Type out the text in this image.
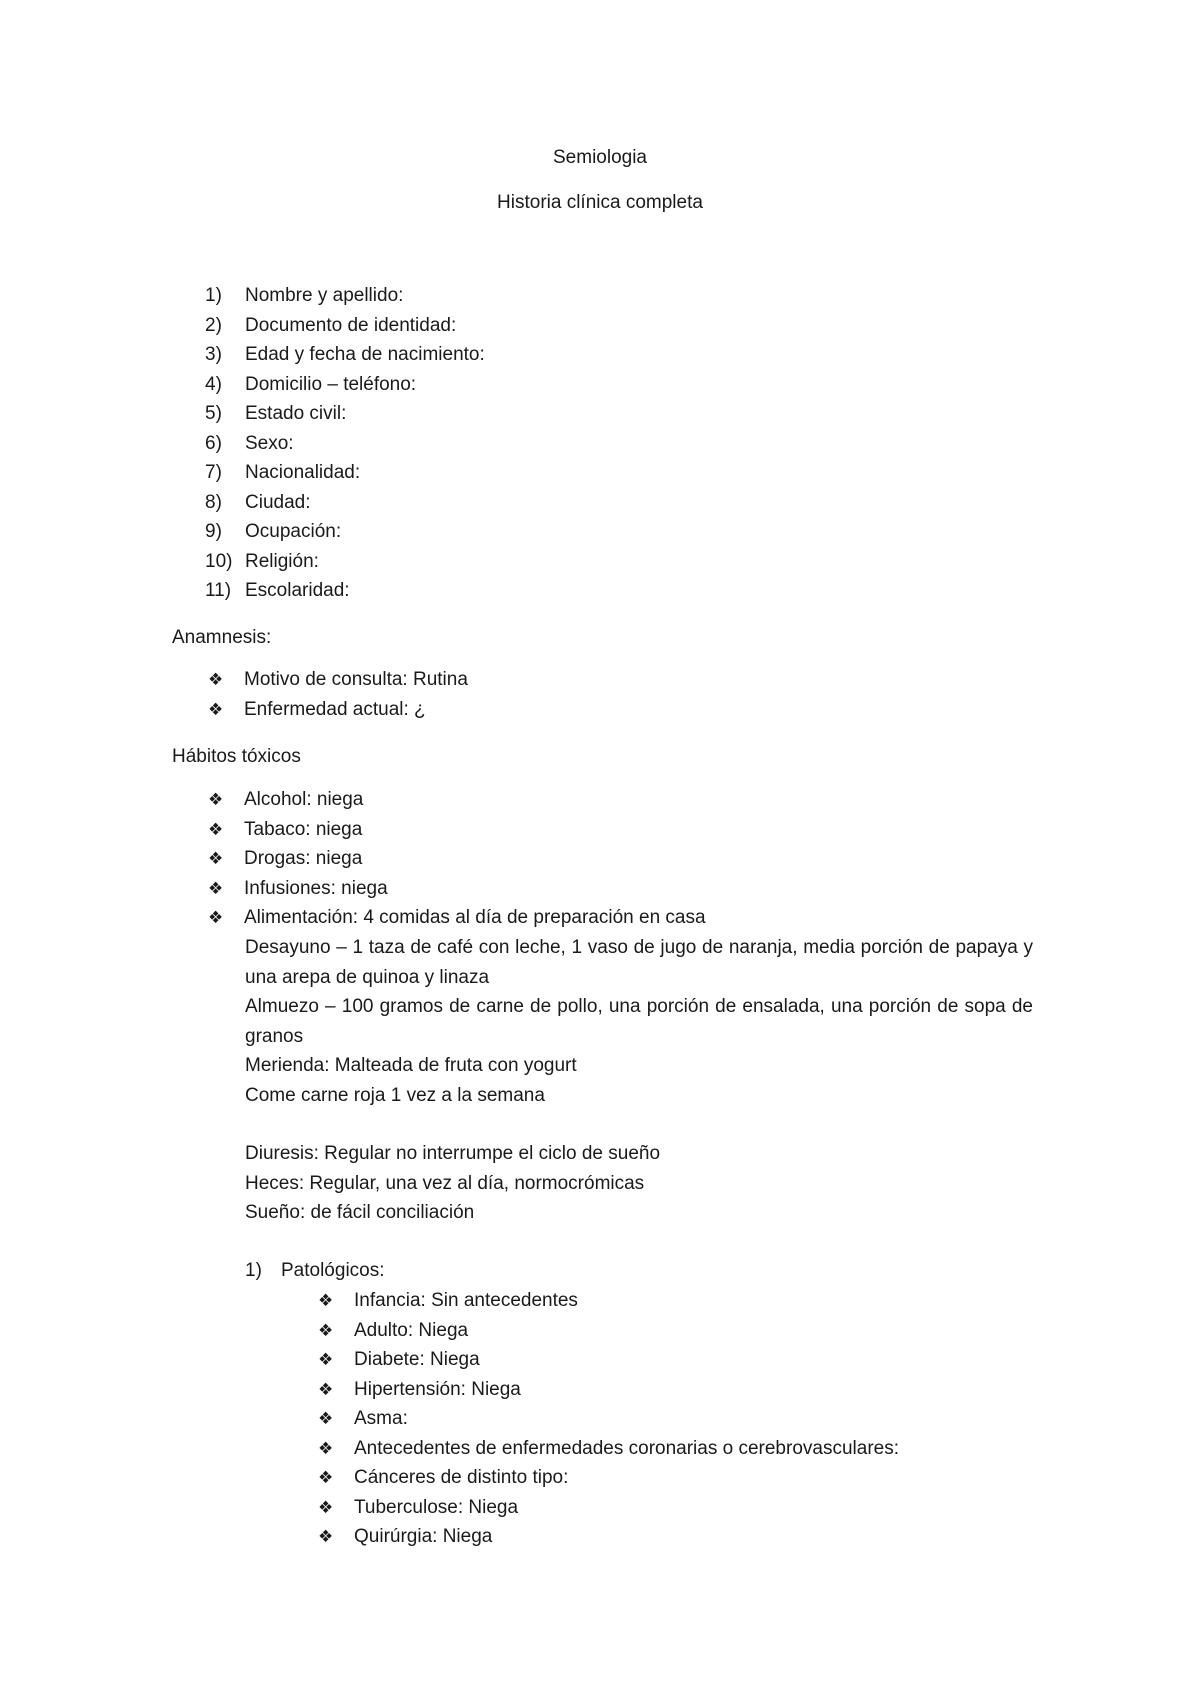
Semiologia
Historia clínica completa
1)	Nombre y apellido:
2)	Documento de identidad:
3)	Edad y fecha de nacimiento:
4)	Domicilio – teléfono:
5)	Estado civil:
6)	Sexo:
7)	Nacionalidad:
8)	Ciudad:
9)	Ocupación:
10) Religión:
11) Escolaridad:
Anamnesis:
❖	Motivo de consulta: Rutina
❖	Enfermedad actual: ¿
Hábitos tóxicos
❖	Alcohol: niega
❖	Tabaco: niega
❖	Drogas: niega
❖	Infusiones: niega
❖	Alimentación: 4 comidas al día de preparación en casa
Desayuno – 1 taza de café con leche, 1 vaso de jugo de naranja, media porción de papaya y una arepa de quinoa y linaza
Almuezo – 100 gramos de carne de pollo, una porción de ensalada, una porción de sopa de granos
Merienda: Malteada de fruta con yogurt
Come carne roja 1 vez a la semana
Diuresis: Regular no interrumpe el ciclo de sueño
Heces: Regular, una vez al día, normocrómicas
Sueño: de fácil conciliación
1)	Patológicos:
❖	Infancia: Sin antecedentes
❖	Adulto: Niega
❖	Diabete: Niega
❖	Hipertensión: Niega
❖	Asma:
❖	Antecedentes de enfermedades coronarias o cerebrovasculares:
❖	Cánceres de distinto tipo:
❖	Tuberculose: Niega
❖	Quirúrgia: Niega
